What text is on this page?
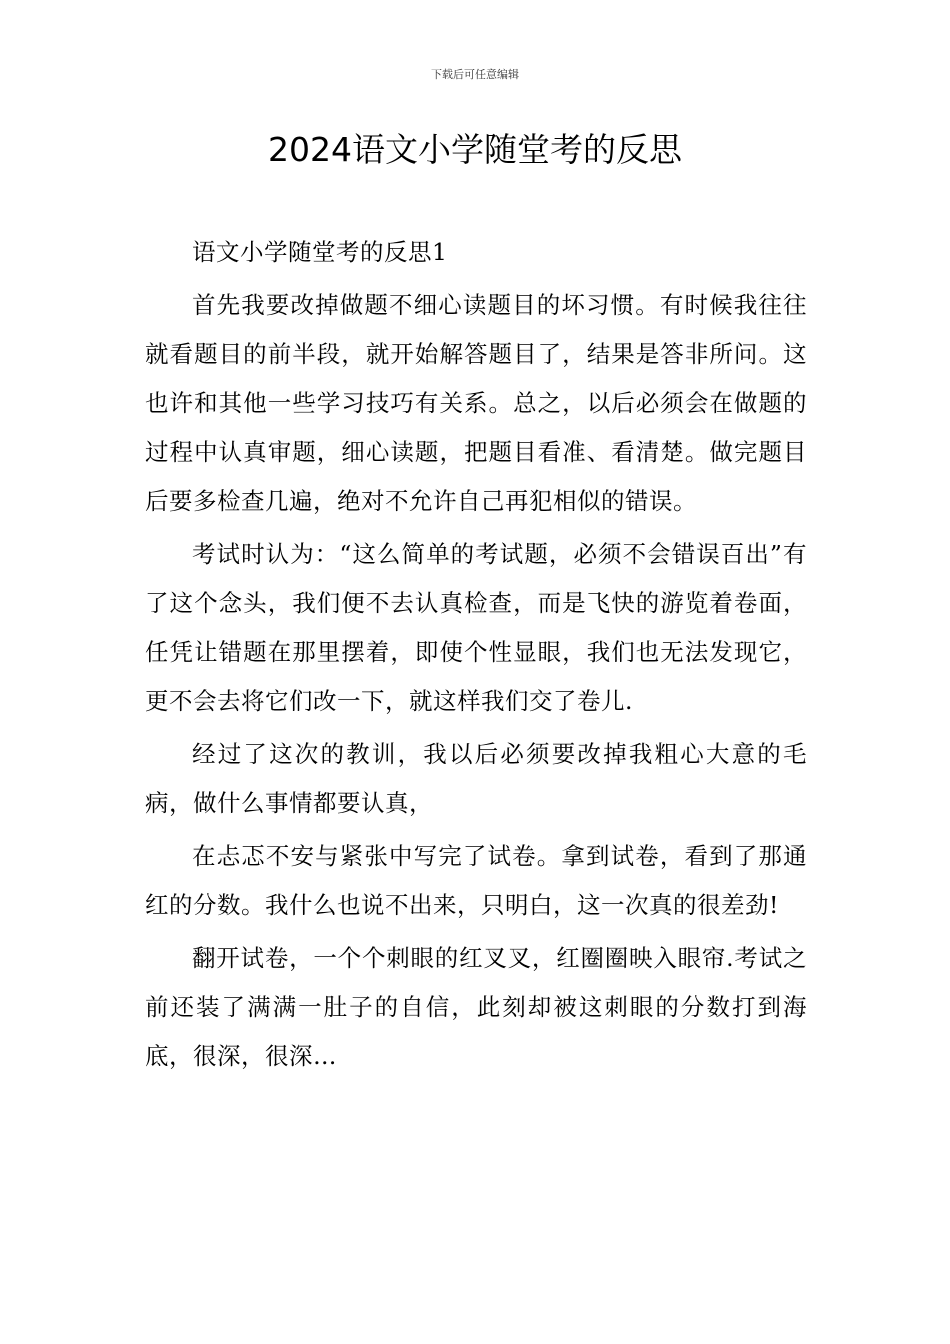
下载后可任意编辑
2024语文小学随堂考的反思

语文小学随堂考的反思1

首先我要改掉做题不细心读题目的坏习惯。有时候我往往就看题目的前半段，就开始解答题目了，结果是答非所问。这也许和其他一些学习技巧有关系。总之，以后必须会在做题的过程中认真审题，细心读题，把题目看准、看清楚。做完题目后要多检查几遍，绝对不允许自己再犯相似的错误。

考试时认为：“这么简单的考试题，必须不会错误百出”有了这个念头，我们便不去认真检查，而是飞快的游览着卷面，任凭让错题在那里摆着，即使个性显眼，我们也无法发现它，更不会去将它们改一下，就这样我们交了卷儿.

经过了这次的教训，我以后必须要改掉我粗心大意的毛病，做什么事情都要认真，

在忐忑不安与紧张中写完了试卷。拿到试卷，看到了那通红的分数。我什么也说不出来，只明白，这一次真的很差劲!

翻开试卷，一个个刺眼的红叉叉，红圈圈映入眼帘.考试之前还装了满满一肚子的自信，此刻却被这刺眼的分数打到海底，很深，很深…
